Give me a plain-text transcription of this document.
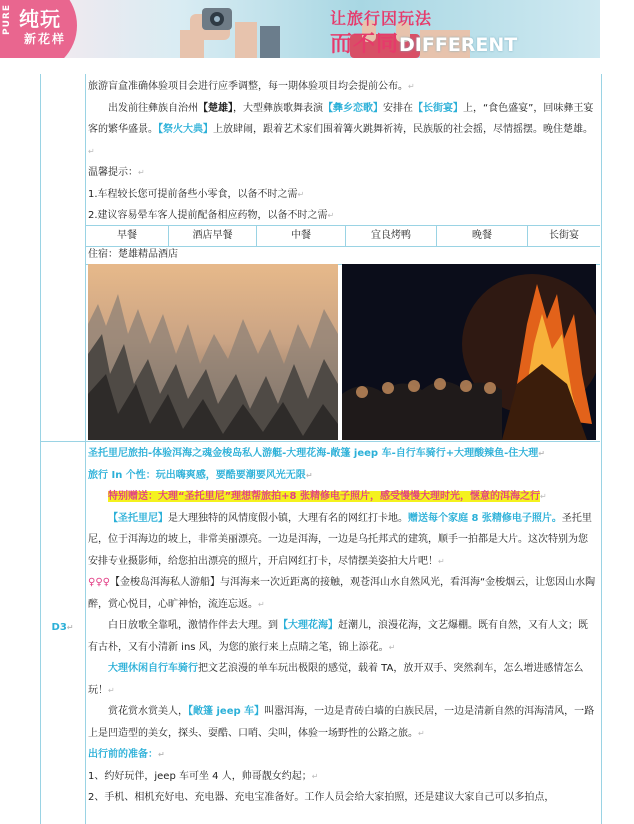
PURE 纯玩
新花样
让旅行因玩法
而不同DIFFERENT

旅游盲盒准确体验项目会进行应季调整，每一期体验项目均会提前公布。↵

出发前往彝族自治州【楚雄】，大型彝族歌舞表演【彝乡恋歌】安排在【长街宴】上，“食色盛宴”，回味彝王宴客的繁华盛景。【祭火大典】上放肆闹，跟着艺术家们围着篝火跳舞祈祷，民族版的社会摇，尽情摇摆。晚住楚雄。↵

温馨提示：↵

1.车程较长您可提前备些小零食，以备不时之需↵

2.建议容易晕车客人提前配备相应药物，以备不时之需↵

早餐	酒店早餐	中餐	宜良烤鸭	晚餐	长街宴
住宿：楚雄精品酒店
D3↵

圣托里尼旅拍-体验洱海之魂金梭岛私人游艇-大理花海-敞篷 jeep 车-自行车骑行+大理酸辣鱼-住大理↵

旅行 In 个性：玩出嗨爽感，要酷要潮要风光无限↵

特别赠送：大理“圣托里尼”理想帮旅拍+8 张精修电子照片，感受慢慢大理时光，惬意的洱海之行↵

【圣托里尼】是大理独特的风情度假小镇，大理有名的网红打卡地。赠送每个家庭 8 张精修电子照片。圣托里尼，位于洱海边的坡上，非常美丽漂亮。一边是洱海，一边是乌托邦式的建筑，顺手一拍都是大片。这次特别为您安排专业摄影师，给您拍出漂亮的照片，开启网红打卡，尽情摆美姿拍大片吧！↵

♀♀♀【金梭岛洱海私人游船】与洱海来一次近距离的接触，观苍洱山水自然风光，看洱海“金梭烟云，让您因山水陶醉，赏心悦目，心旷神怡，流连忘返。↵

白日放歌全靠吼，激情作伴去大理。到【大理花海】赶潮儿，浪漫花海，文艺爆棚。既有自然，又有人文；既有古朴，又有小清新 ins 风，为您的旅行来上点睛之笔，锦上添花。↵

大理休闲自行车骑行把文艺浪漫的单车玩出极限的感觉，载着 TA，放开双手、突然刹车，怎么增进感情怎么玩！↵

赏花赏水赏美人，【敞篷 jeep 车】叫嚣洱海，一边是青砖白墙的白族民居，一边是清新自然的洱海清风，一路上是凹造型的美女，探头、耍酷、口哨、尖叫，体验一场野性的公路之旅。↵

出行前的准备：↵

1、约好玩伴，jeep 车可坐 4 人，帅哥靓女约起；↵

2、手机、相机充好电、充电器、充电宝准备好。工作人员会给大家拍照，还是建议大家自己可以多拍点，
